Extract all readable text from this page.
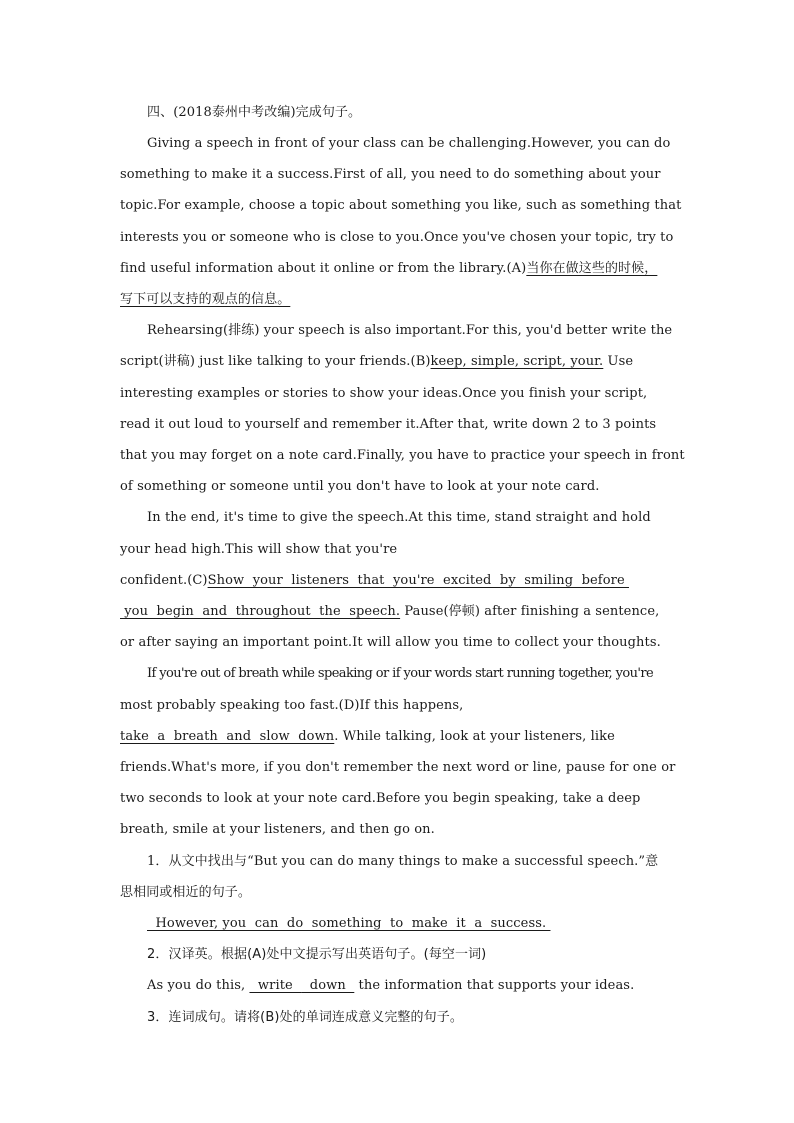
四、(2018泰州中考改编)完成句子。
Giving a speech in front of your class can be challenging.However, you can do
something to make it a success.First of all, you need to do something about your
topic.For example, choose a topic about something you like, such as something that
interests you or someone who is close to you.Once you've chosen your topic, try to
find useful information about it online or from the library.(A)当你在做这些的时候，
写下可以支持的观点的信息。
Rehearsing(排练) your speech is also important.For this, you'd better write the
script(讲稿) just like talking to your friends.(B)keep, simple, script, your. Use
interesting examples or stories to show your ideas.Once you finish your script,
read it out loud to yourself and remember it.After that, write down 2 to 3 points
that you may forget on a note card.Finally, you have to practice your speech in front
of something or someone until you don't have to look at your note card.
In the end, it's time to give the speech.At this time, stand straight and hold
your head high.This will show that you're
confident.(C)Show  your  listeners  that  you're  excited  by  smiling  before
you  begin  and  throughout  the  speech. Pause(停顿) after finishing a sentence,
or after saying an important point.It will allow you time to collect your thoughts.
If you're out of breath while speaking or if your words start running together, you're
most probably speaking too fast.(D)If this happens,
take  a  breath  and  slow  down. While talking, look at your listeners, like
friends.What's more, if you don't remember the next word or line, pause for one or
two seconds to look at your note card.Before you begin speaking, take a deep
breath, smile at your listeners, and then go on.
1．从文中找出与“But you can do many things to make a successful speech.”意
思相同或相近的句子。
However, you  can  do  something  to  make  it  a  success.
2．汉译英。根据(A)处中文提示写出英语句子。(每空一词)
As you do this,   write    down   the information that supports your ideas.
3．连词成句。请将(B)处的单词连成意义完整的句子。
